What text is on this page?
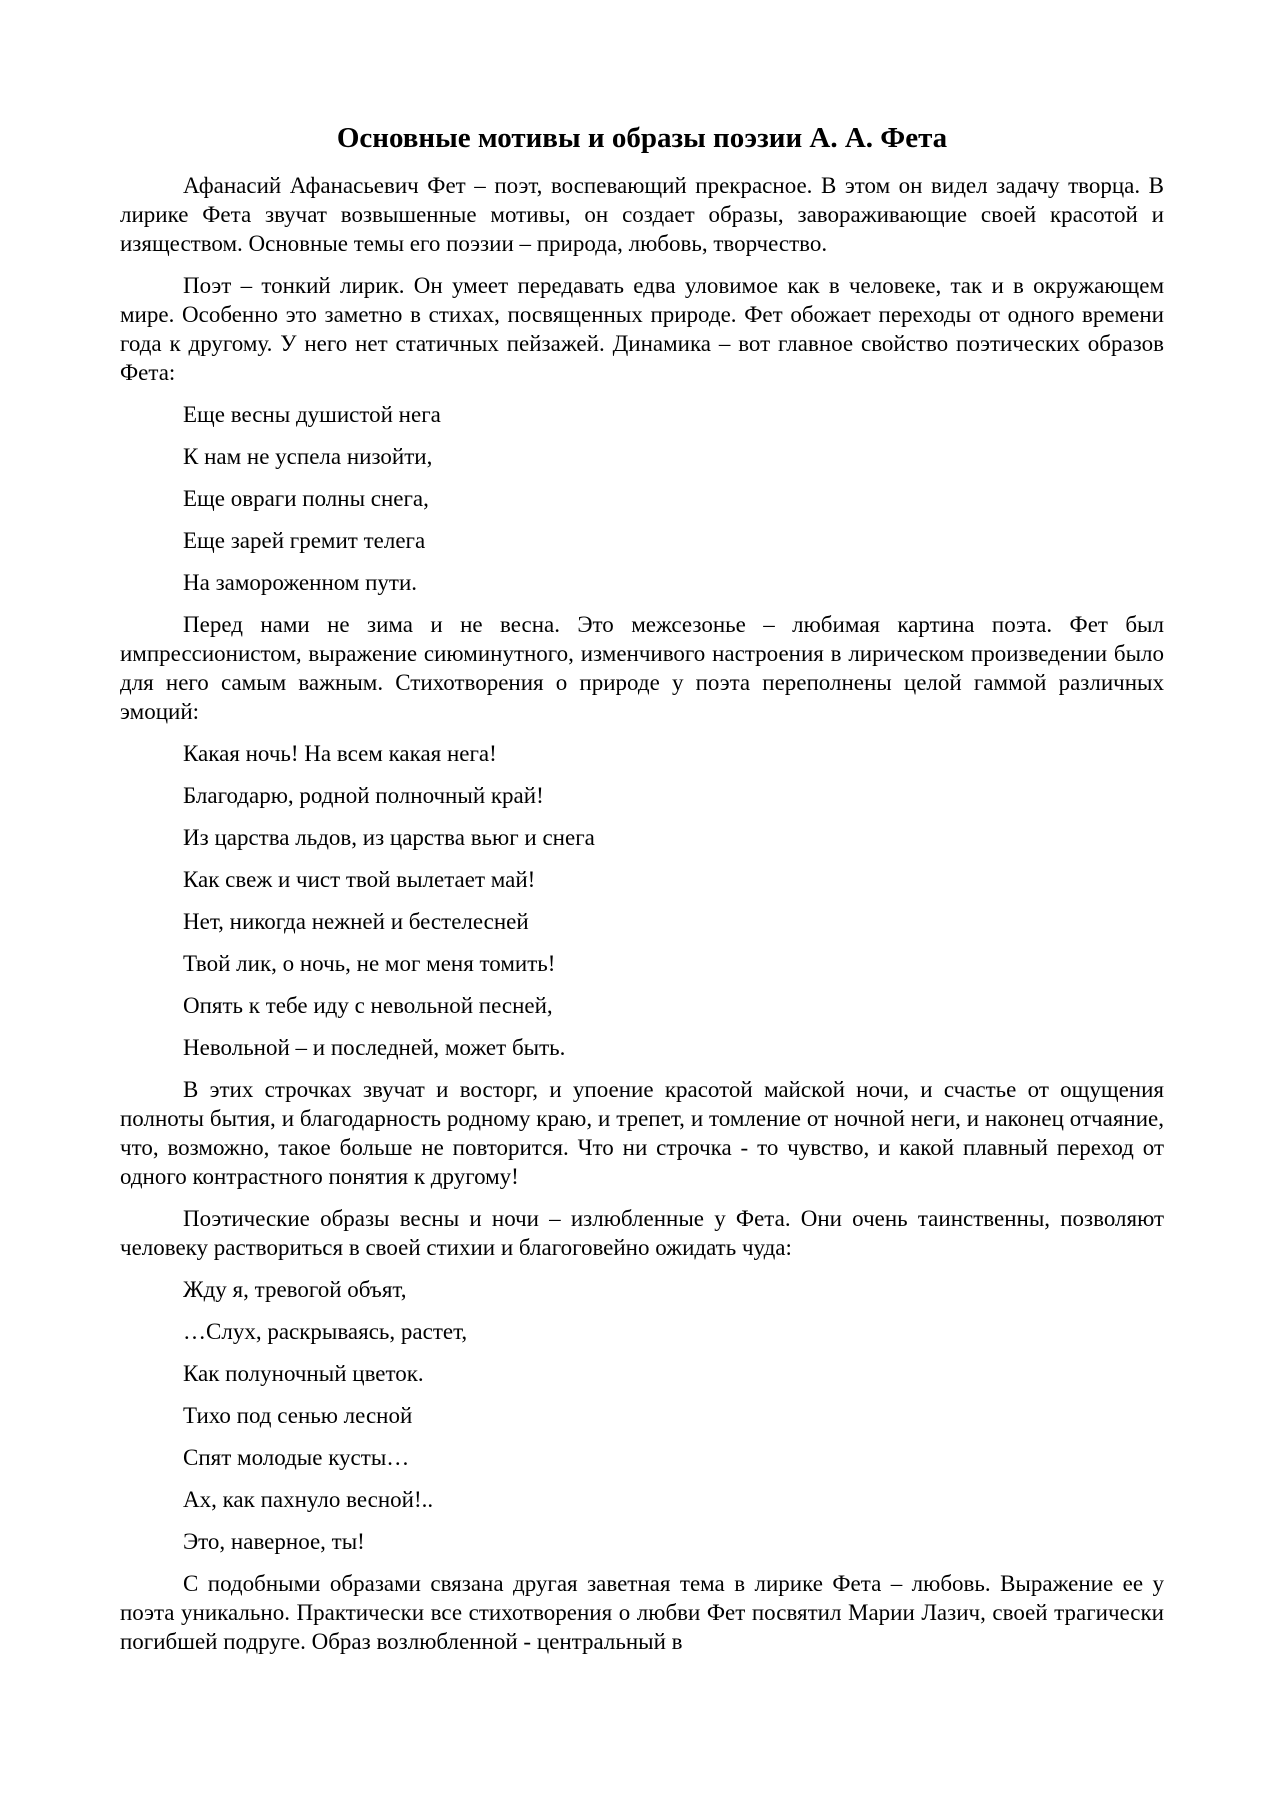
Основные мотивы и образы поэзии А. А. Фета

Афанасий Афанасьевич Фет – поэт, воспевающий прекрасное. В этом он видел задачу творца. В лирике Фета звучат возвышенные мотивы, он создает образы, завораживающие своей красотой и изяществом. Основные темы его поэзии – природа, любовь, творчество.

Поэт – тонкий лирик. Он умеет передавать едва уловимое как в человеке, так и в окружающем мире. Особенно это заметно в стихах, посвященных природе. Фет обожает переходы от одного времени года к другому. У него нет статичных пейзажей. Динамика – вот главное свойство поэтических образов Фета:

Еще весны душистой нега

К нам не успела низойти,

Еще овраги полны снега,

Еще зарей гремит телега

На замороженном пути.

Перед нами не зима и не весна. Это межсезонье – любимая картина поэта. Фет был импрессионистом, выражение сиюминутного, изменчивого настроения в лирическом произведении было для него самым важным. Стихотворения о природе у поэта переполнены целой гаммой различных эмоций:

Какая ночь! На всем какая нега!

Благодарю, родной полночный край!

Из царства льдов, из царства вьюг и снега

Как свеж и чист твой вылетает май!

Нет, никогда нежней и бестелесней

Твой лик, о ночь, не мог меня томить!

Опять к тебе иду с невольной песней,

Невольной – и последней, может быть.

В этих строчках звучат и восторг, и упоение красотой майской ночи, и счастье от ощущения полноты бытия, и благодарность родному краю, и трепет, и томление от ночной неги, и наконец отчаяние, что, возможно, такое больше не повторится. Что ни строчка - то чувство, и какой плавный переход от одного контрастного понятия к другому!

Поэтические образы весны и ночи – излюбленные у Фета. Они очень таинственны, позволяют человеку раствориться в своей стихии и благоговейно ожидать чуда:

Жду я, тревогой объят,

…Слух, раскрываясь, растет,

Как полуночный цветок.

Тихо под сенью лесной

Спят молодые кусты…

Ах, как пахнуло весной!..

Это, наверное, ты!

С подобными образами связана другая заветная тема в лирике Фета – любовь. Выражение ее у поэта уникально. Практически все стихотворения о любви Фет посвятил Марии Лазич, своей трагически погибшей подруге. Образ возлюбленной - центральный в
